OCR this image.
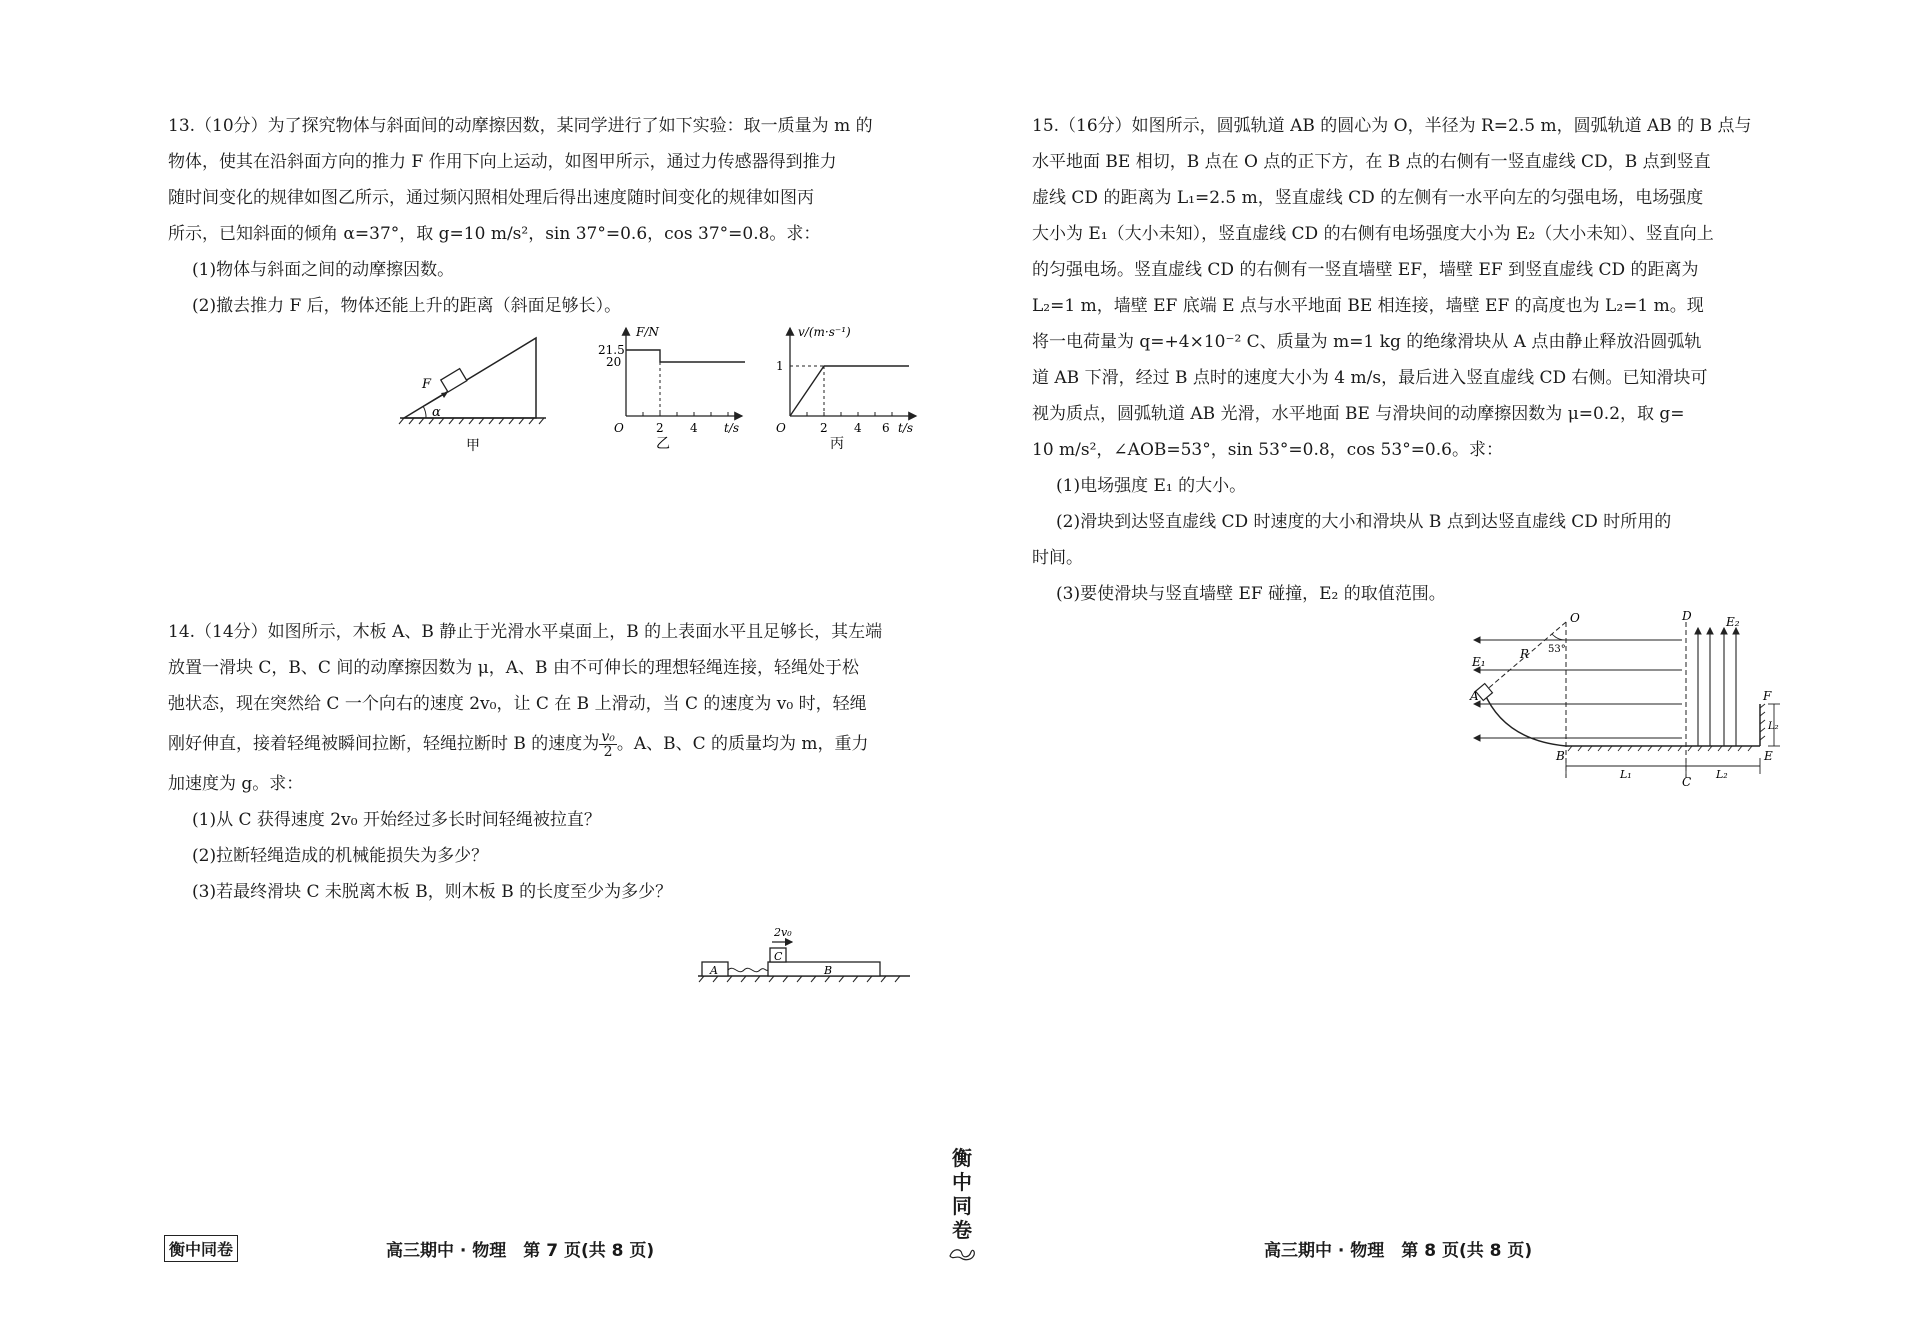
13.（10分）为了探究物体与斜面间的动摩擦因数，某同学进行了如下实验：取一质量为 m 的

物体，使其在沿斜面方向的推力 F 作用下向上运动，如图甲所示，通过力传感器得到推力

随时间变化的规律如图乙所示，通过频闪照相处理后得出速度随时间变化的规律如图丙

所示，已知斜面的倾角 α=37°，取 g=10 m/s²，sin 37°=0.6，cos 37°=0.8。求：

(1)物体与斜面之间的动摩擦因数。

(2)撤去推力 F 后，物体还能上升的距离（斜面足够长）。

F
α
甲
F/N
t/s
O
21.5
20
2 4
乙
v/(m·s⁻¹)
t/s
O
1
2 4 6
丙

14.（14分）如图所示，木板 A、B 静止于光滑水平桌面上，B 的上表面水平且足够长，其左端

放置一滑块 C，B、C 间的动摩擦因数为 μ，A、B 由不可伸长的理想轻绳连接，轻绳处于松

弛状态，现在突然给 C 一个向右的速度 2v₀，让 C 在 B 上滑动，当 C 的速度为 v₀ 时，轻绳

刚好伸直，接着轻绳被瞬间拉断，轻绳拉断时 B 的速度为 $\frac{\text{v₀}}{2}$ 。A、B、C 的质量均为 m，重力

加速度为 g。求：

(1)从 C 获得速度 2v₀ 开始经过多长时间轻绳被拉直？

(2)拉断轻绳造成的机械能损失为多少？

(3)若最终滑块 C 未脱离木板 B，则木板 B 的长度至少为多少？

A	B
C
2v₀

15.（16分）如图所示，圆弧轨道 AB 的圆心为 O，半径为 R=2.5 m，圆弧轨道 AB 的 B 点与

水平地面 BE 相切，B 点在 O 点的正下方，在 B 点的右侧有一竖直虚线 CD，B 点到竖直

虚线 CD 的距离为 L₁=2.5 m，竖直虚线 CD 的左侧有一水平向左的匀强电场，电场强度

大小为 E₁（大小未知），竖直虚线 CD 的右侧有电场强度大小为 E₂（大小未知）、竖直向上

的匀强电场。竖直虚线 CD 的右侧有一竖直墙壁 EF，墙壁 EF 到竖直虚线 CD 的距离为

L₂=1 m，墙壁 EF 底端 E 点与水平地面 BE 相连接，墙壁 EF 的高度也为 L₂=1 m。现

将一电荷量为 q=+4×10⁻² C、质量为 m=1 kg 的绝缘滑块从 A 点由静止释放沿圆弧轨

道 AB 下滑，经过 B 点时的速度大小为 4 m/s，最后进入竖直虚线 CD 右侧。已知滑块可

视为质点，圆弧轨道 AB 光滑，水平地面 BE 与滑块间的动摩擦因数为 μ=0.2，取 g=

10 m/s²，∠AOB=53°，sin 53°=0.8，cos 53°=0.6。求：

(1)电场强度 E₁ 的大小。

(2)滑块到达竖直虚线 CD 时速度的大小和滑块从 B 点到达竖直虚线 CD 时所用的

时间。

(3)要使滑块与竖直墙壁 EF 碰撞，E₂ 的取值范围。

O
R 53°
E₁
E₂
A
B
C
D
E
F
L₁	L₂
L₂
衡中同卷	高三期中 · 物理　第 7 页(共 8 页)	高三期中 · 物理　第 8 页(共 8 页)
衡
中
同
卷
